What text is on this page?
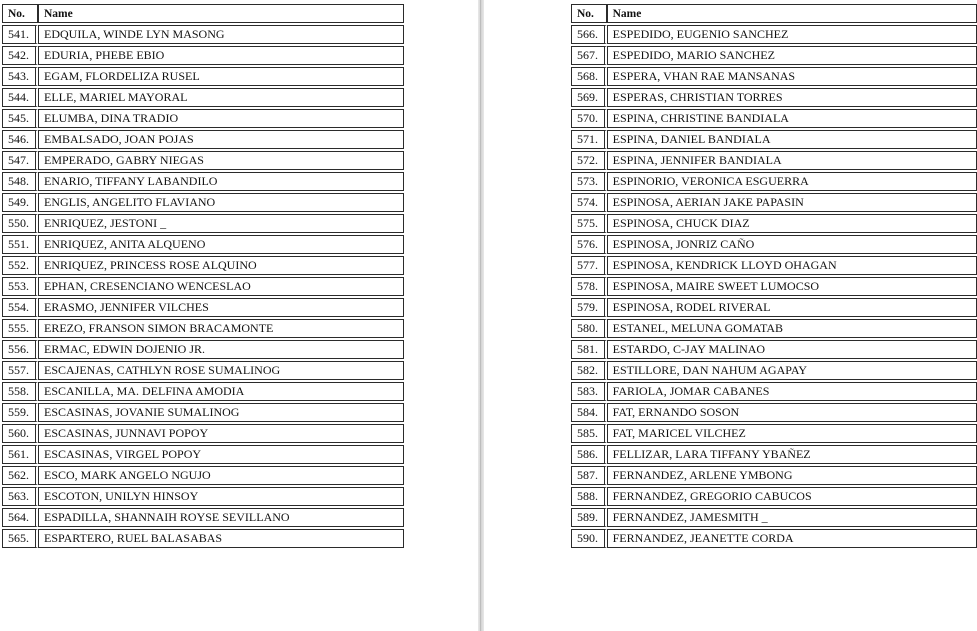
No.	Name
541.	EDQUILA, WINDE LYN MASONG
542.	EDURIA, PHEBE EBIO
543.	EGAM, FLORDELIZA RUSEL
544.	ELLE, MARIEL MAYORAL
545.	ELUMBA, DINA TRADIO
546.	EMBALSADO, JOAN POJAS
547.	EMPERADO, GABRY NIEGAS
548.	ENARIO, TIFFANY LABANDILO
549.	ENGLIS, ANGELITO FLAVIANO
550.	ENRIQUEZ, JESTONI _
551.	ENRIQUEZ, ANITA ALQUENO
552.	ENRIQUEZ, PRINCESS ROSE ALQUINO
553.	EPHAN, CRESENCIANO WENCESLAO
554.	ERASMO, JENNIFER VILCHES
555.	EREZO, FRANSON SIMON BRACAMONTE
556.	ERMAC, EDWIN DOJENIO JR.
557.	ESCAJENAS, CATHLYN ROSE SUMALINOG
558.	ESCANILLA, MA. DELFINA AMODIA
559.	ESCASINAS, JOVANIE SUMALINOG
560.	ESCASINAS, JUNNAVI POPOY
561.	ESCASINAS, VIRGEL POPOY
562.	ESCO, MARK ANGELO NGUJO
563.	ESCOTON, UNILYN HINSOY
564.	ESPADILLA, SHANNAIH ROYSE SEVILLANO
565.	ESPARTERO, RUEL BALASABAS
No.	Name
566.	ESPEDIDO, EUGENIO SANCHEZ
567.	ESPEDIDO, MARIO SANCHEZ
568.	ESPERA, VHAN RAE MANSANAS
569.	ESPERAS, CHRISTIAN TORRES
570.	ESPINA, CHRISTINE BANDIALA
571.	ESPINA, DANIEL BANDIALA
572.	ESPINA, JENNIFER BANDIALA
573.	ESPINORIO, VERONICA ESGUERRA
574.	ESPINOSA, AERIAN JAKE PAPASIN
575.	ESPINOSA, CHUCK DIAZ
576.	ESPINOSA, JONRIZ CAÑO
577.	ESPINOSA, KENDRICK LLOYD OHAGAN
578.	ESPINOSA, MAIRE SWEET LUMOCSO
579.	ESPINOSA, RODEL RIVERAL
580.	ESTANEL, MELUNA GOMATAB
581.	ESTARDO, C-JAY MALINAO
582.	ESTILLORE, DAN NAHUM AGAPAY
583.	FARIOLA, JOMAR CABANES
584.	FAT, ERNANDO SOSON
585.	FAT, MARICEL VILCHEZ
586.	FELLIZAR, LARA TIFFANY YBAÑEZ
587.	FERNANDEZ, ARLENE YMBONG
588.	FERNANDEZ, GREGORIO CABUCOS
589.	FERNANDEZ, JAMESMITH _
590.	FERNANDEZ, JEANETTE CORDA
